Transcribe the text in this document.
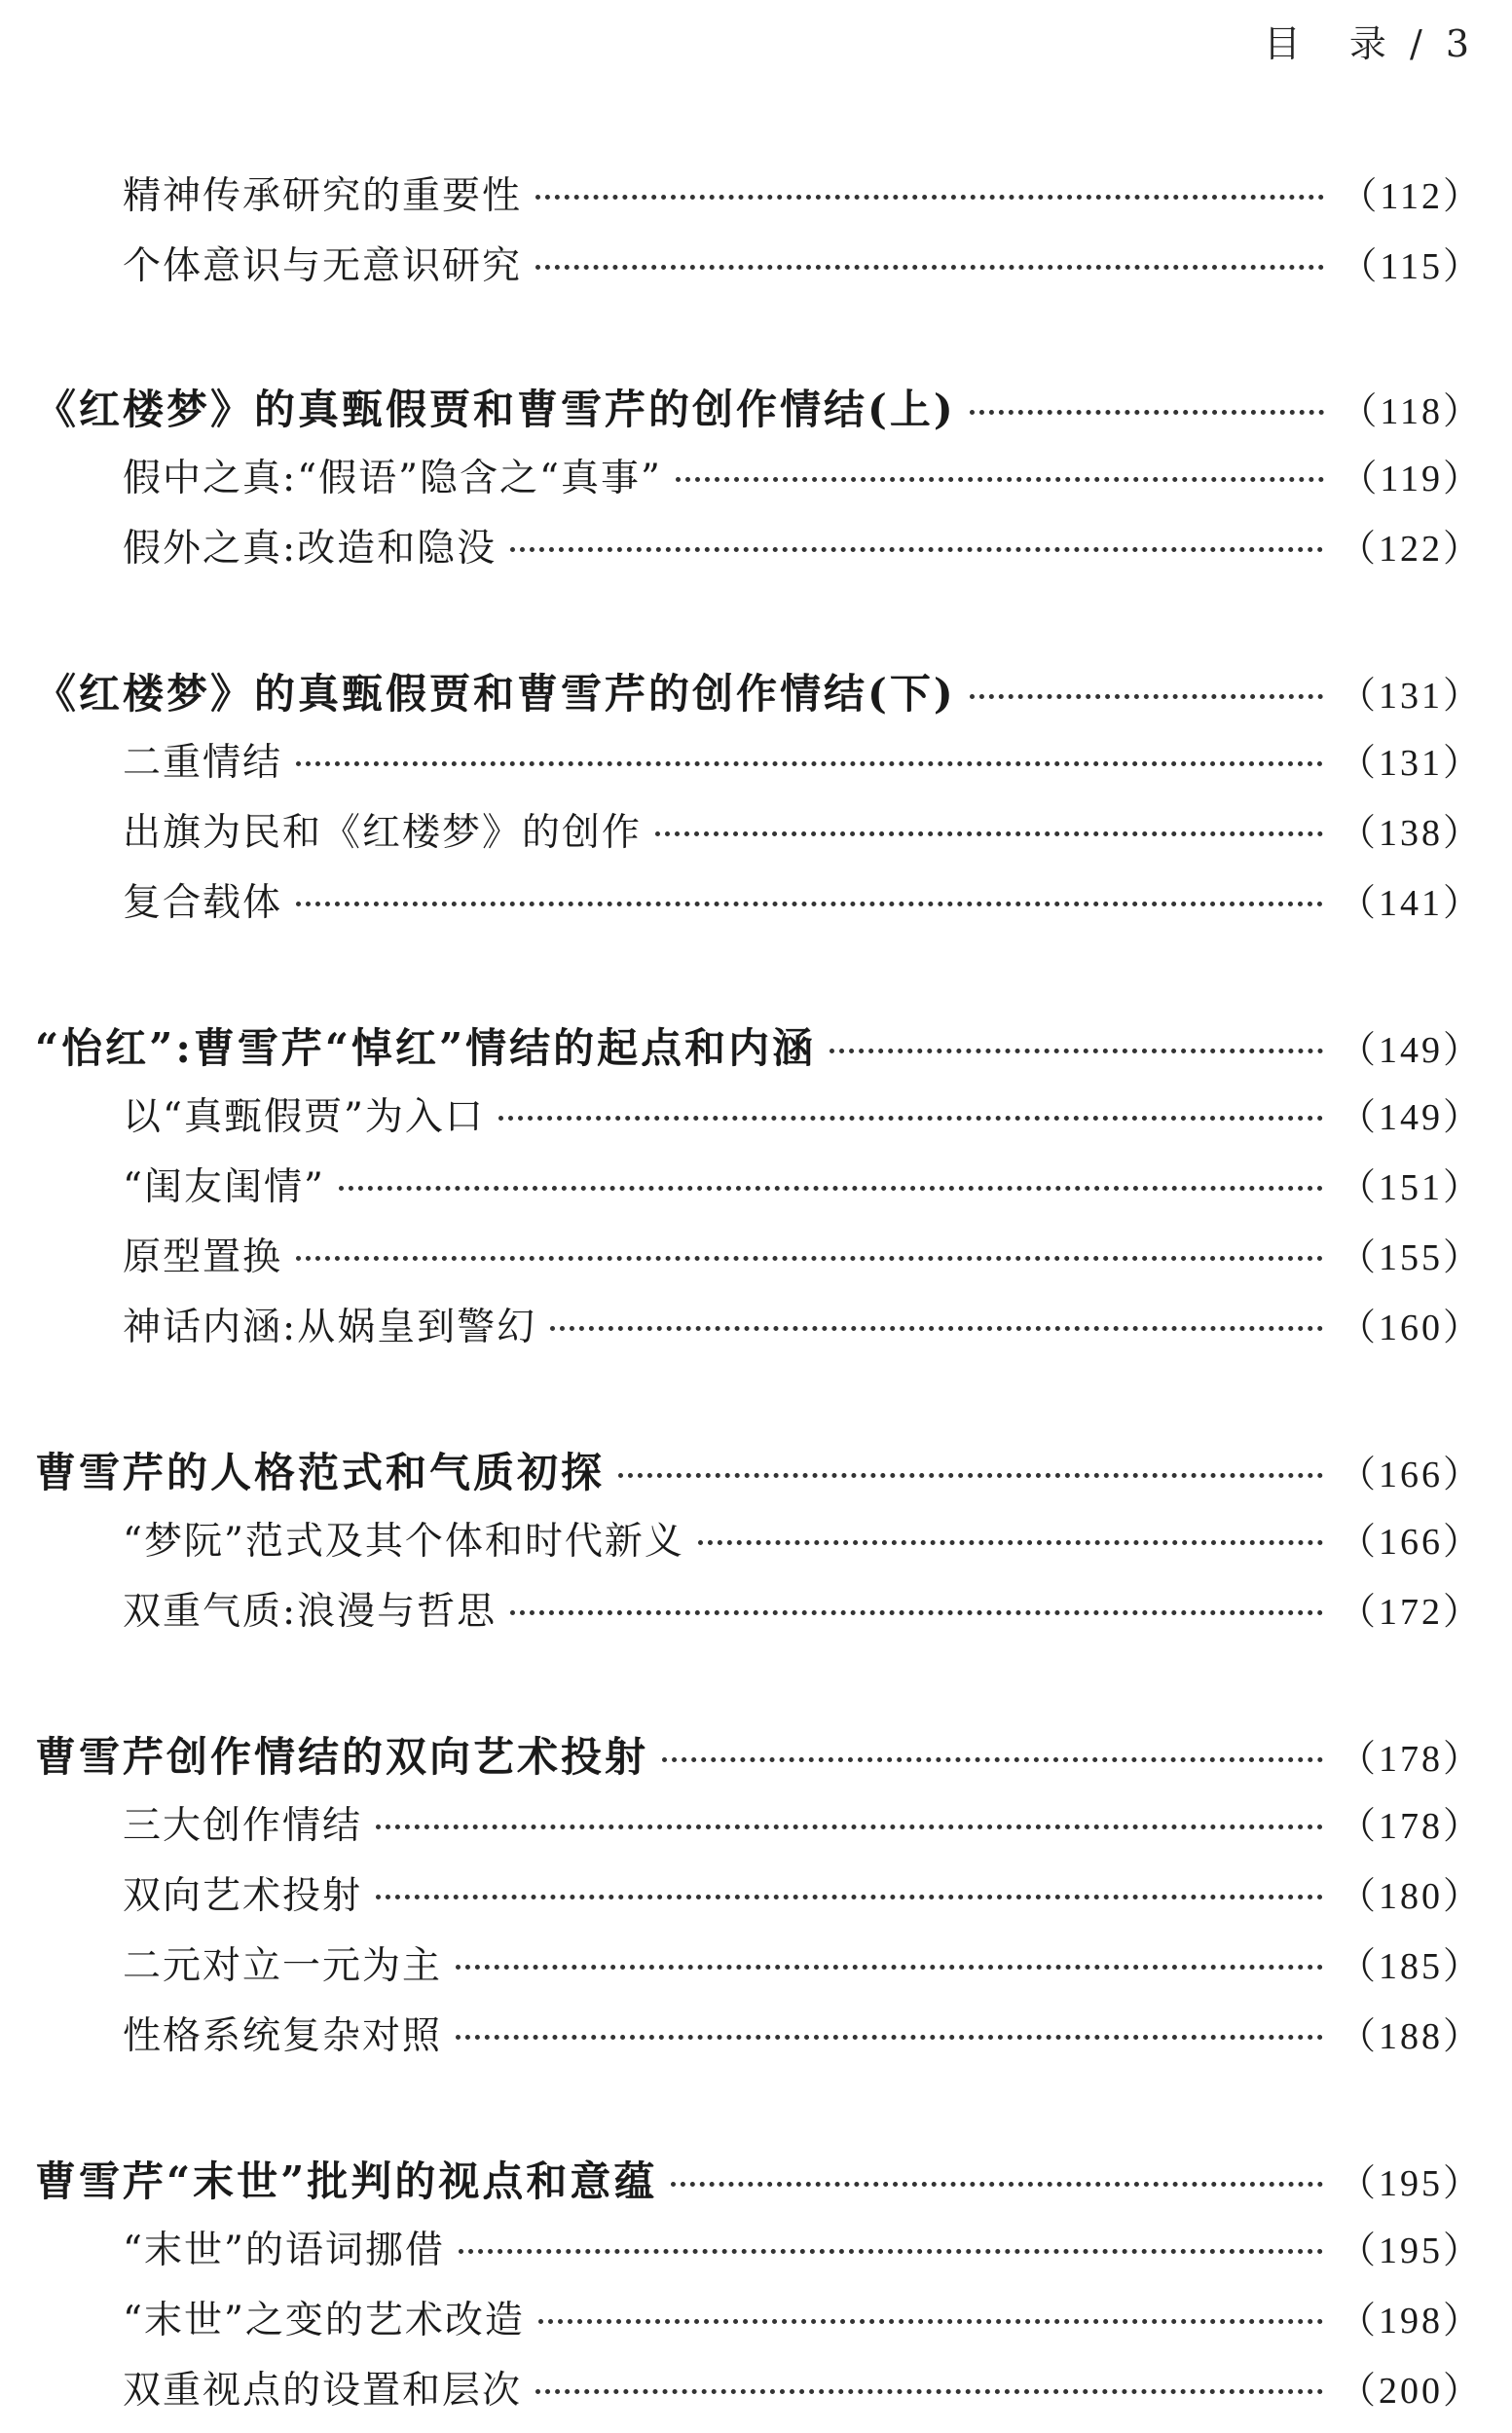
目　录 / 3
精神传承研究的重要性	（112）
个体意识与无意识研究	（115）
《红楼梦》的真甄假贾和曹雪芹的创作情结(上)	（118）
假中之真:“假语”隐含之“真事”	（119）
假外之真:改造和隐没	（122）
《红楼梦》的真甄假贾和曹雪芹的创作情结(下)	（131）
二重情结	（131）
出旗为民和《红楼梦》的创作	（138）
复合载体	（141）
“怡红”:曹雪芹“悼红”情结的起点和内涵	（149）
以“真甄假贾”为入口	（149）
“闺友闺情”	（151）
原型置换	（155）
神话内涵:从娲皇到警幻	（160）
曹雪芹的人格范式和气质初探	（166）
“梦阮”范式及其个体和时代新义	（166）
双重气质:浪漫与哲思	（172）
曹雪芹创作情结的双向艺术投射	（178）
三大创作情结	（178）
双向艺术投射	（180）
二元对立一元为主	（185）
性格系统复杂对照	（188）
曹雪芹“末世”批判的视点和意蕴	（195）
“末世”的语词挪借	（195）
“末世”之变的艺术改造	（198）
双重视点的设置和层次	（200）
